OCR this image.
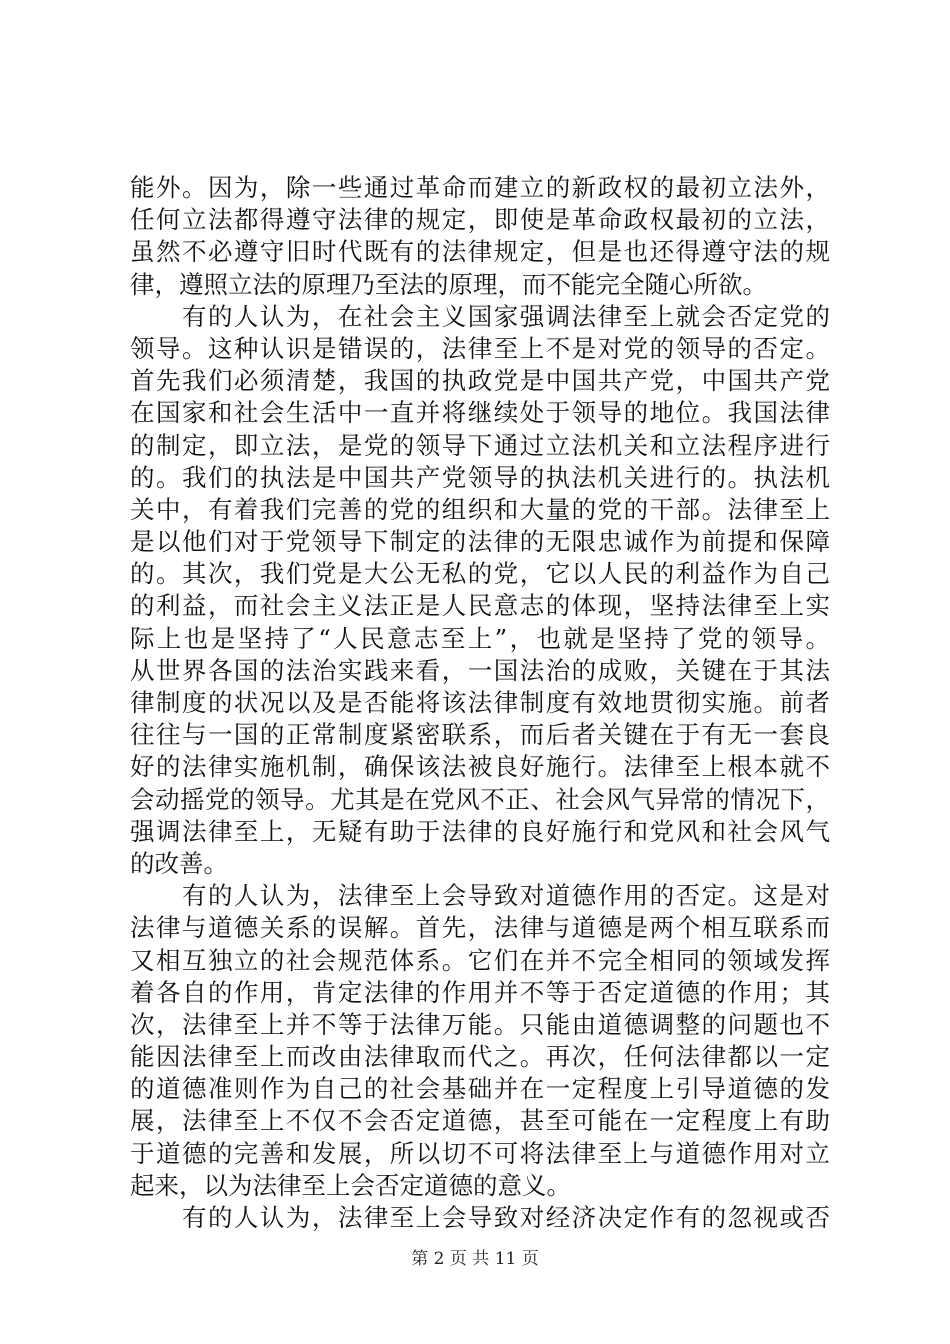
能外。因为，除一些通过革命而建立的新政权的最初立法外，
任何立法都得遵守法律的规定，即使是革命政权最初的立法，
虽然不必遵守旧时代既有的法律规定，但是也还得遵守法的规
律，遵照立法的原理乃至法的原理，而不能完全随心所欲。
　　有的人认为，在社会主义国家强调法律至上就会否定党的
领导。这种认识是错误的，法律至上不是对党的领导的否定。
首先我们必须清楚，我国的执政党是中国共产党，中国共产党
在国家和社会生活中一直并将继续处于领导的地位。我国法律
的制定，即立法，是党的领导下通过立法机关和立法程序进行
的。我们的执法是中国共产党领导的执法机关进行的。执法机
关中，有着我们完善的党的组织和大量的党的干部。法律至上
是以他们对于党领导下制定的法律的无限忠诚作为前提和保障
的。其次，我们党是大公无私的党，它以人民的利益作为自己
的利益，而社会主义法正是人民意志的体现，坚持法律至上实
际上也是坚持了“人民意志至上”，也就是坚持了党的领导。
从世界各国的法治实践来看，一国法治的成败，关键在于其法
律制度的状况以及是否能将该法律制度有效地贯彻实施。前者
往往与一国的正常制度紧密联系，而后者关键在于有无一套良
好的法律实施机制，确保该法被良好施行。法律至上根本就不
会动摇党的领导。尤其是在党风不正、社会风气异常的情况下，
强调法律至上，无疑有助于法律的良好施行和党风和社会风气
的改善。
　　有的人认为，法律至上会导致对道德作用的否定。这是对
法律与道德关系的误解。首先，法律与道德是两个相互联系而
又相互独立的社会规范体系。它们在并不完全相同的领域发挥
着各自的作用，肯定法律的作用并不等于否定道德的作用；其
次，法律至上并不等于法律万能。只能由道德调整的问题也不
能因法律至上而改由法律取而代之。再次，任何法律都以一定
的道德准则作为自己的社会基础并在一定程度上引导道德的发
展，法律至上不仅不会否定道德，甚至可能在一定程度上有助
于道德的完善和发展，所以切不可将法律至上与道德作用对立
起来，以为法律至上会否定道德的意义。
　　有的人认为，法律至上会导致对经济决定作有的忽视或否
第 2 页 共 11 页
